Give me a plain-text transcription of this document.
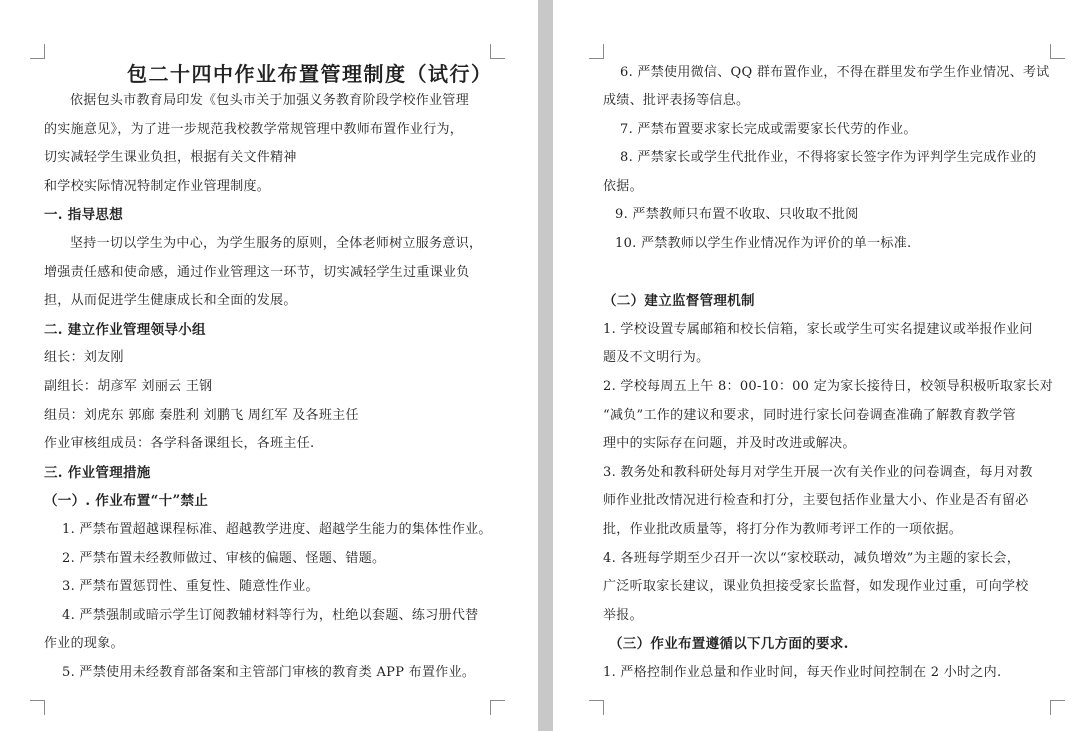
包二十四中作业布置管理制度（试行）
依据包头市教育局印发《包头市关于加强义务教育阶段学校作业管理
的实施意见》，为了进一步规范我校教学常规管理中教师布置作业行为，
切实减轻学生课业负担，根据有关文件精神
和学校实际情况特制定作业管理制度。
一. 指导思想
坚持一切以学生为中心，为学生服务的原则，全体老师树立服务意识，
增强责任感和使命感，通过作业管理这一环节，切实减轻学生过重课业负
担，从而促进学生健康成长和全面的发展。
二. 建立作业管理领导小组
组长：刘友刚
副组长：胡彦军 刘丽云 王钢
组员：刘虎东 郭廊 秦胜利 刘鹏飞 周红军 及各班主任
作业审核组成员：各学科备课组长，各班主任.
三. 作业管理措施
（一）. 作业布置“十”禁止
1. 严禁布置超越课程标准、超越教学进度、超越学生能力的集体性作业。
2. 严禁布置未经教师做过、审核的偏题、怪题、错题。
3. 严禁布置惩罚性、重复性、随意性作业。
4. 严禁强制或暗示学生订阅教辅材料等行为，杜绝以套题、练习册代替
作业的现象。
5. 严禁使用未经教育部备案和主管部门审核的教育类 APP 布置作业。
6. 严禁使用微信、QQ 群布置作业，不得在群里发布学生作业情况、考试
成绩、批评表扬等信息。
7. 严禁布置要求家长完成或需要家长代劳的作业。
8. 严禁家长或学生代批作业，不得将家长签字作为评判学生完成作业的
依据。
9. 严禁教师只布置不收取、只收取不批阅
10. 严禁教师以学生作业情况作为评价的单一标准.
（二）建立监督管理机制
1. 学校设置专属邮箱和校长信箱，家长或学生可实名提建议或举报作业问
题及不文明行为。
2. 学校每周五上午 8：00-10：00 定为家长接待日，校领导积极听取家长对
“减负”工作的建议和要求，同时进行家长问卷调查准确了解教育教学管
理中的实际存在问题，并及时改进或解决。
3. 教务处和教科研处每月对学生开展一次有关作业的问卷调查，每月对教
师作业批改情况进行检查和打分，主要包括作业量大小、作业是否有留必
批，作业批改质量等，将打分作为教师考评工作的一项依据。
4. 各班每学期至少召开一次以“家校联动，减负增效”为主题的家长会，
广泛听取家长建议，课业负担接受家长监督，如发现作业过重，可向学校
举报。
（三）作业布置遵循以下几方面的要求.
1. 严格控制作业总量和作业时间，每天作业时间控制在 2 小时之内.
